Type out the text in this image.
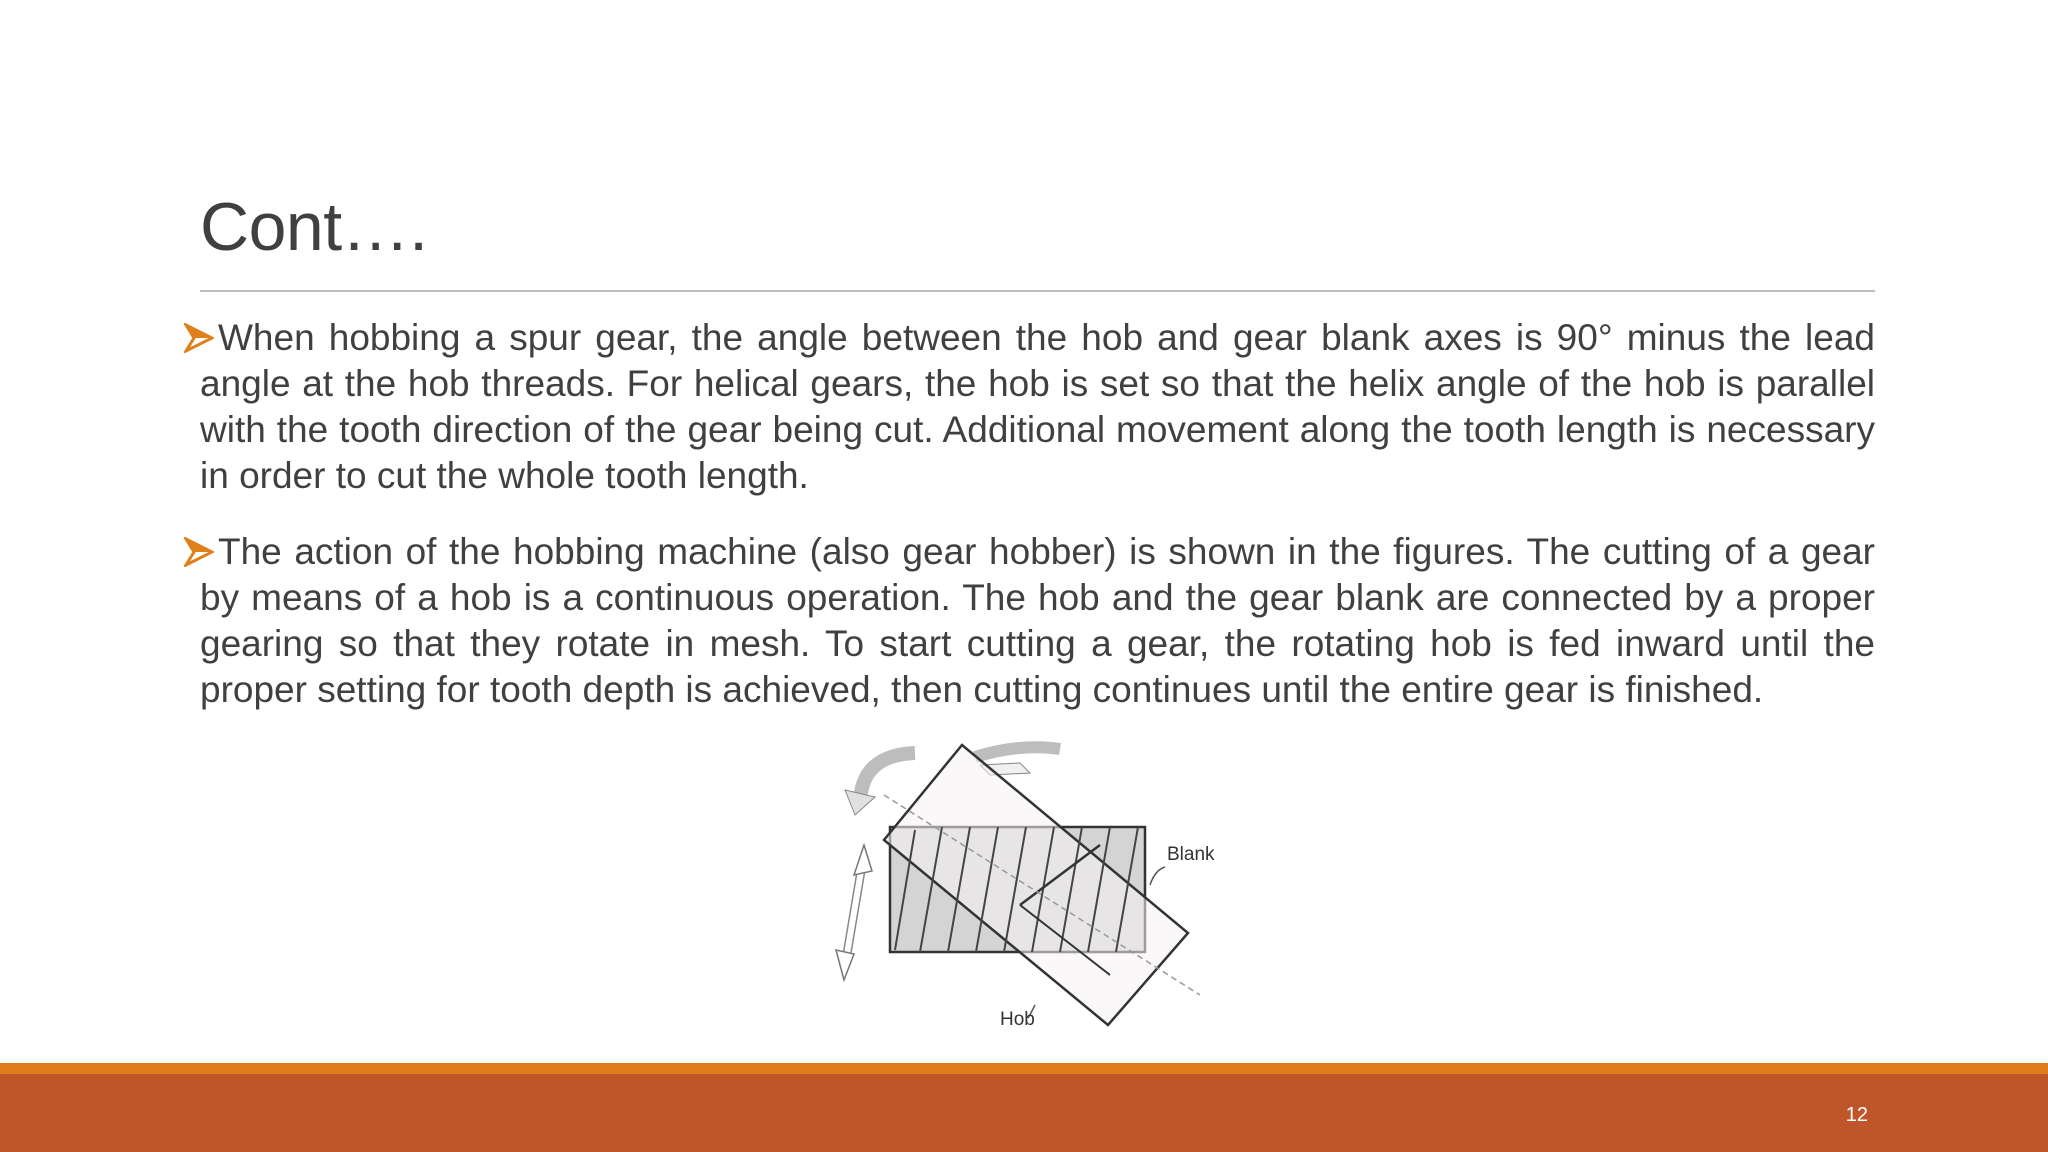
Cont….
When hobbing a spur gear, the angle between the hob and gear blank axes is 90° minus the lead angle at the hob threads. For helical gears, the hob is set so that the helix angle of the hob is parallel with the tooth direction of the gear being cut. Additional movement along the tooth length is necessary in order to cut the whole tooth length.
The action of the hobbing machine (also gear hobber) is shown in the figures. The cutting of a gear by means of a hob is a continuous operation. The hob and the gear blank are connected by a proper gearing so that they rotate in mesh. To start cutting a gear, the rotating hob is fed inward until the proper setting for tooth depth is achieved, then cutting continues until the entire gear is finished.
Blank
Hob
12
